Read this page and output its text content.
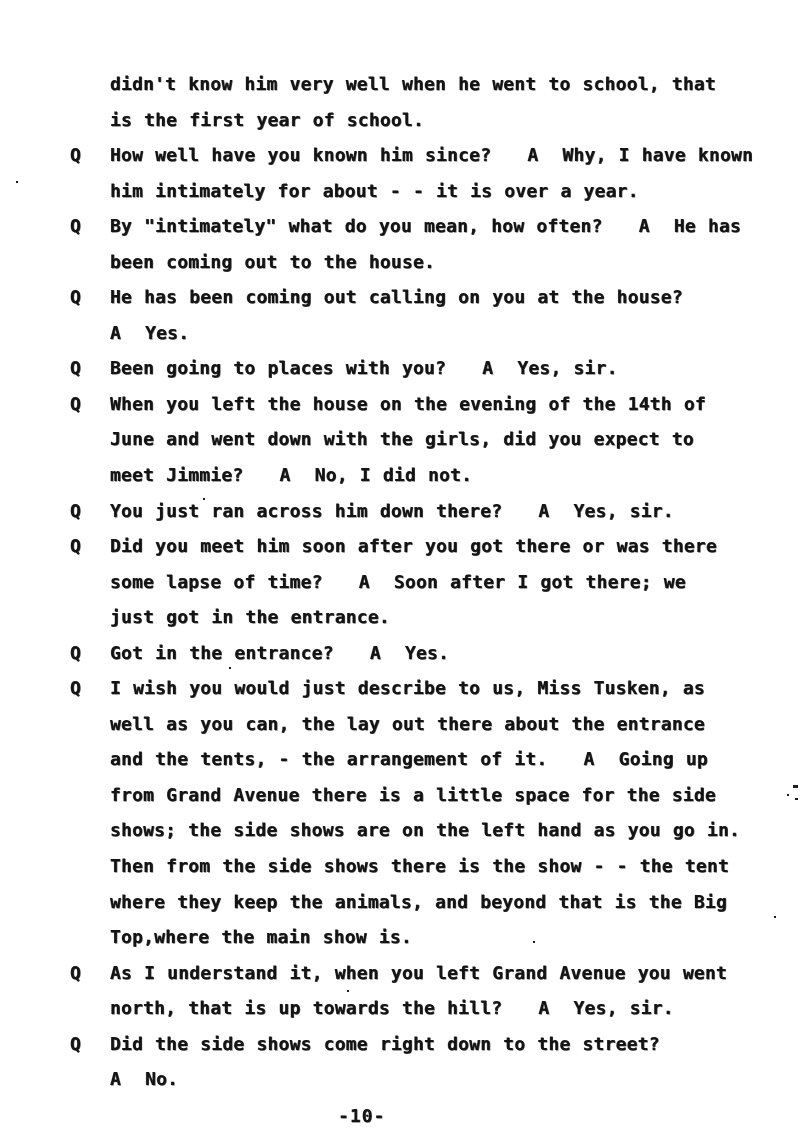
didn't know him very well when he went to school, that
is the first year of school.
Q How well have you known him since?   A  Why, I have known
him intimately for about - - it is over a year.
Q By "intimately" what do you mean, how often?   A  He has
been coming out to the house.
Q He has been coming out calling on you at the house?
A  Yes.
Q Been going to places with you?   A  Yes, sir.
Q When you left the house on the evening of the 14th of
June and went down with the girls, did you expect to
meet Jimmie?   A  No, I did not.
Q You just ran across him down there?   A  Yes, sir.
Q Did you meet him soon after you got there or was there
some lapse of time?   A  Soon after I got there; we
just got in the entrance.
Q Got in the entrance?   A  Yes.
Q I wish you would just describe to us, Miss Tusken, as
well as you can, the lay out there about the entrance
and the tents, - the arrangement of it.   A  Going up
from Grand Avenue there is a little space for the side
shows; the side shows are on the left hand as you go in.
Then from the side shows there is the show - - the tent
where they keep the animals, and beyond that is the Big
Top,where the main show is.
Q As I understand it, when you left Grand Avenue you went
north, that is up towards the hill?   A  Yes, sir.
Q Did the side shows come right down to the street?
A  No.
-10-
